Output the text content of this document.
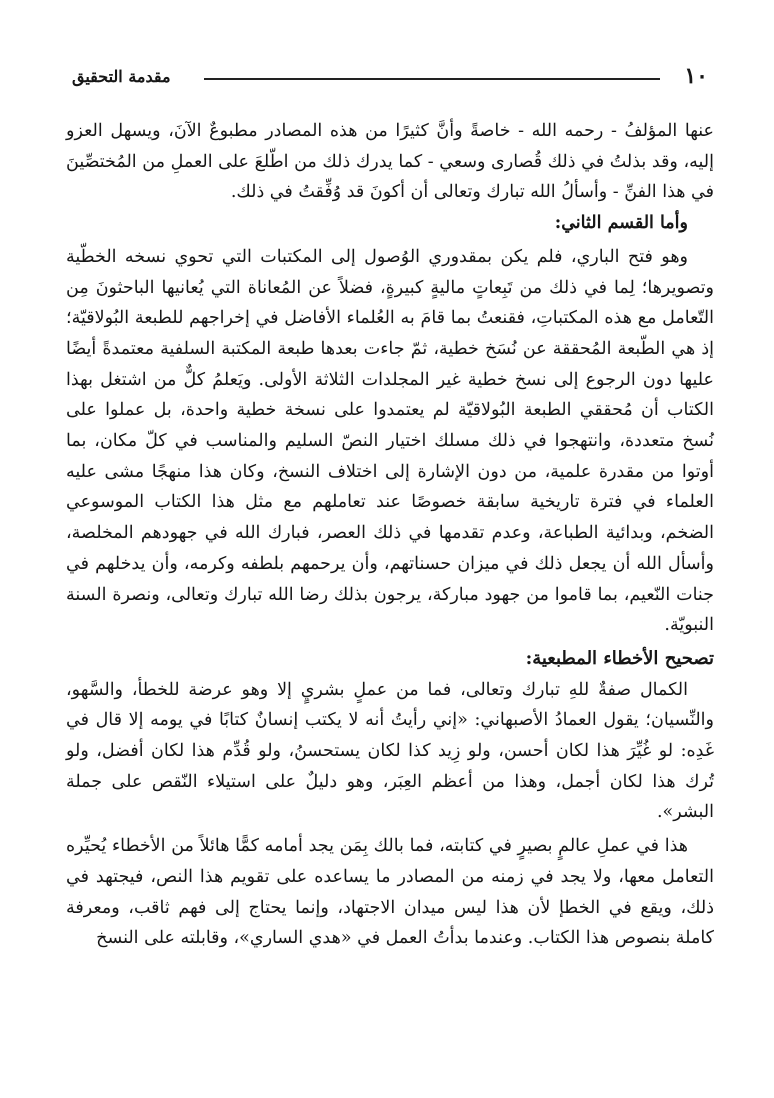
١٠
مقدمة التحقيق

عنها المؤلفُ - رحمه الله - خاصةً وأنَّ كثيرًا من هذه المصادر مطبوعٌ الآنَ، ويسهل العزو إليه، وقد بذلتُ في ذلك قُصارى وسعي - كما يدرك ذلك من اطّلعَ على العملِ من المُختصِّينَ في هذا الفنِّ - وأسألُ الله تبارك وتعالى أن أكونَ قد وُفِّقتُ في ذلك.

وأما القسم الثاني:

وهو فتح الباري، فلم يكن بمقدوري الوُصول إلى المكتبات التي تحوي نسخه الخطّية وتصويرها؛ لِما في ذلك من تَبِعاتٍ ماليةٍ كبيرةٍ، فضلاً عن المُعاناة التي يُعانيها الباحثونَ مِن التّعامل مع هذه المكتباتِ، فقنعتُ بما قامَ به العُلماء الأفاضل في إخراجهم للطبعة البُولاقيّة؛ إذ هي الطّبعة المُحققة عن نُسَخ خطية، ثمّ جاءت بعدها طبعة المكتبة السلفية معتمدةً أيضًا عليها دون الرجوع إلى نسخ خطية غير المجلدات الثلاثة الأولى. ويَعلمُ كلٌّ من اشتغل بهذا الكتاب أن مُحققي الطبعة البُولاقيّة لم يعتمدوا على نسخة خطية واحدة، بل عملوا على نُسخ متعددة، وانتهجوا في ذلك مسلك اختيار النصّ السليم والمناسب في كلّ مكان، بما أوتوا من مقدرة علمية، من دون الإشارة إلى اختلاف النسخ، وكان هذا منهجًا مشى عليه العلماء في فترة تاريخية سابقة خصوصًا عند تعاملهم مع مثل هذا الكتاب الموسوعي الضخم، وبدائية الطباعة، وعدم تقدمها في ذلك العصر، فبارك الله في جهودهم المخلصة، وأسأل الله أن يجعل ذلك في ميزان حسناتهم، وأن يرحمهم بلطفه وكرمه، وأن يدخلهم في جنات النّعيم، بما قاموا من جهود مباركة، يرجون بذلك رضا الله تبارك وتعالى، ونصرة السنة النبويّة.

تصحيح الأخطاء المطبعية:

الكمال صفةٌ للهِ تبارك وتعالى، فما من عملٍ بشريٍ إلا وهو عرضة للخطأ، والسَّهو، والنِّسيان؛ يقول العمادُ الأصبهاني: «إني رأيتُ أنه لا يكتب إنسانٌ كتابًا في يومه إلا قال في غَدِه: لو غُيِّرَ هذا لكان أحسن، ولو زِيد كذا لكان يستحسنُ، ولو قُدِّم هذا لكان أفضل، ولو تُرك هذا لكان أجمل، وهذا من أعظم العِبَر، وهو دليلٌ على استيلاء النّقص على جملة البشر».

هذا في عملِ عالمٍ بصيرٍ في كتابته، فما بالك بِمَن يجد أمامه كمًّا هائلاً من الأخطاء يُحيِّره التعامل معها، ولا يجد في زمنه من المصادر ما يساعده على تقويم هذا النص، فيجتهد في ذلك، ويقع في الخطإ لأن هذا ليس ميدان الاجتهاد، وإنما يحتاج إلى فهم ثاقب، ومعرفة كاملة بنصوص هذا الكتاب. وعندما بدأتُ العمل في «هدي الساري»، وقابلته على النسخ
